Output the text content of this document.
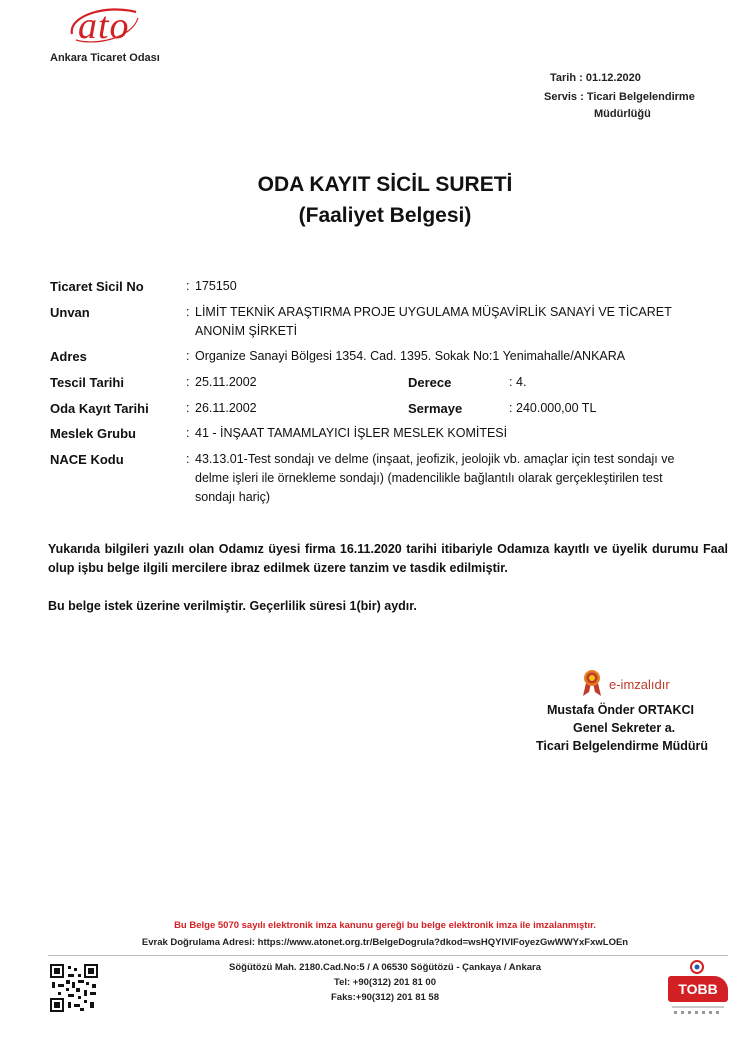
ato
Ankara Ticaret Odası
Tarih : 01.12.2020
Servis : Ticari Belgelendirme
Müdürlüğü
ODA KAYIT SİCİL SURETİ
(Faaliyet Belgesi)
Ticaret Sicil No	: 175150
Unvan	: LİMİT TEKNİK ARAŞTIRMA PROJE UYGULAMA MÜŞAVİRLİK SANAYİ VE TİCARET
ANONİM ŞİRKETİ
Adres	: Organize Sanayi Bölgesi 1354. Cad. 1395. Sokak No:1 Yenimahalle/ANKARA
Tescil Tarihi	: 25.11.2002	Derece	: 4.
Oda Kayıt Tarihi	: 26.11.2002	Sermaye	: 240.000,00 TL
Meslek Grubu	: 41 - İNŞAAT TAMAMLAYICI İŞLER MESLEK KOMİTESİ
NACE Kodu	: 43.13.01-Test sondajı ve delme (inşaat, jeofizik, jeolojik vb. amaçlar için test sondajı ve
delme işleri ile örnekleme sondajı) (madencilikle bağlantılı olarak gerçekleştirilen test
sondajı hariç)
Yukarıda bilgileri yazılı olan Odamız üyesi firma 16.11.2020 tarihi itibariyle Odamıza kayıtlı ve üyelik durumu Faal olup işbu belge ilgili mercilere ibraz edilmek üzere tanzim ve tasdik edilmiştir.
Bu belge istek üzerine verilmiştir. Geçerlilik süresi 1(bir) aydır.
e-imzalıdır
Mustafa Önder ORTAKCI
Genel Sekreter a.
Ticari Belgelendirme Müdürü
Bu Belge 5070 sayılı elektronik imza kanunu gereği bu belge elektronik imza ile imzalanmıştır.
Evrak Doğrulama Adresi: https://www.atonet.org.tr/BelgeDogrula?dkod=wsHQYIVIFoyezGwWWYxFxwLOEn
Söğütözü Mah. 2180.Cad.No:5 / A 06530 Söğütözü - Çankaya / Ankara
Tel: +90(312) 201 81 00
Faks:+90(312) 201 81 58
TOBB
